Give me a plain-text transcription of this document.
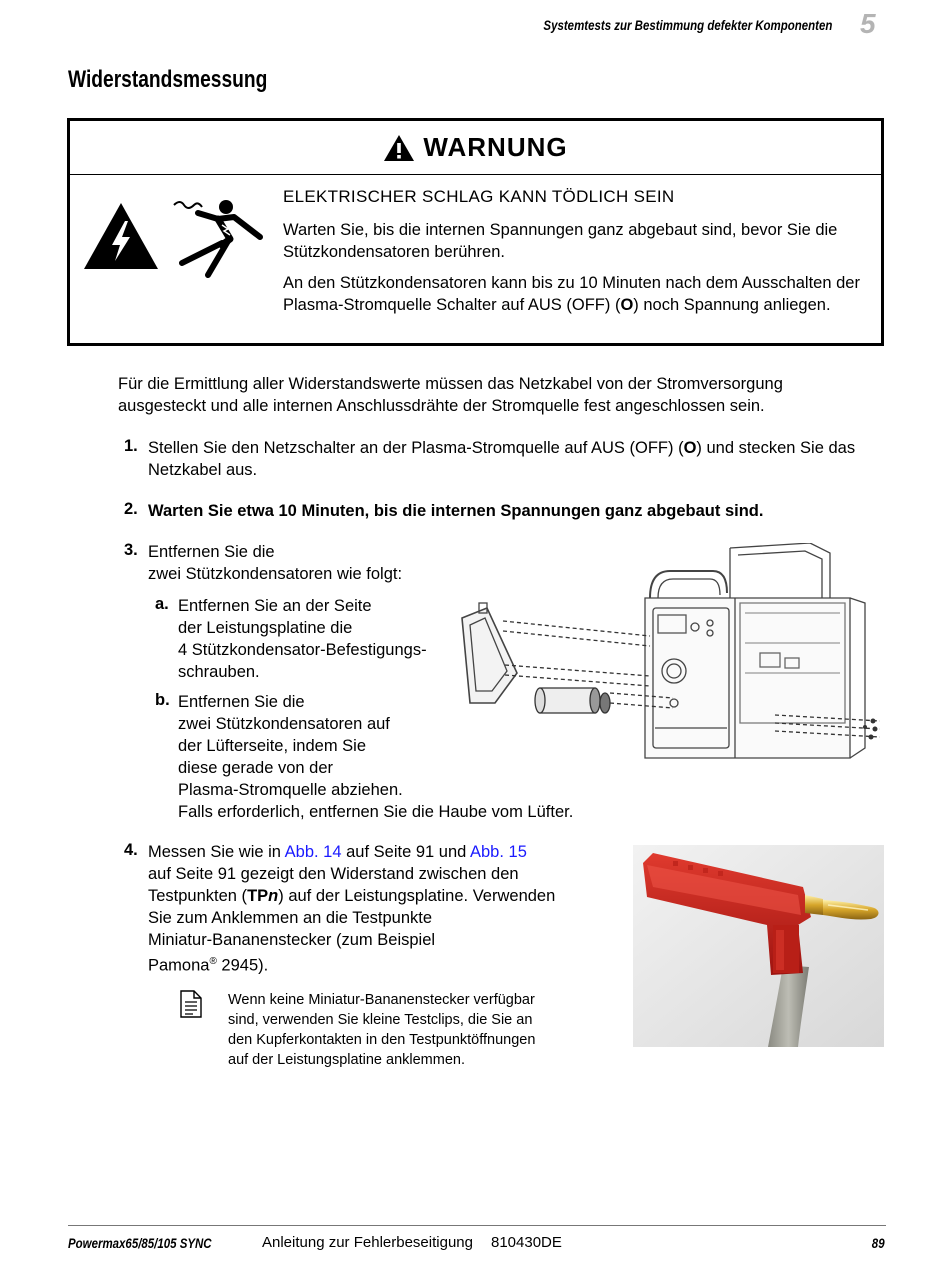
Systemtests zur Bestimmung defekter Komponenten 5
Widerstandsmessung
WARNUNG
ELEKTRISCHER SCHLAG KANN TÖDLICH SEIN
Warten Sie, bis die internen Spannungen ganz abgebaut sind, bevor Sie die Stützkondensatoren berühren.
An den Stützkondensatoren kann bis zu 10 Minuten nach dem Ausschalten der Plasma-Stromquelle Schalter auf AUS (OFF) (O) noch Spannung anliegen.
Für die Ermittlung aller Widerstandswerte müssen das Netzkabel von der Stromversorgung ausgesteckt und alle internen Anschlussdrähte der Stromquelle fest angeschlossen sein.
1. Stellen Sie den Netzschalter an der Plasma-Stromquelle auf AUS (OFF) (O) und stecken Sie das Netzkabel aus.
2. Warten Sie etwa 10 Minuten, bis die internen Spannungen ganz abgebaut sind.
3. Entfernen Sie die
zwei Stützkondensatoren wie folgt:
a. Entfernen Sie an der Seite
der Leistungsplatine die
4 Stützkondensator-Befestigungs-
schrauben.
b. Entfernen Sie die
zwei Stützkondensatoren auf
der Lüfterseite, indem Sie
diese gerade von der
Plasma-Stromquelle abziehen.
Falls erforderlich, entfernen Sie die Haube vom Lüfter.
4. Messen Sie wie in Abb. 14 auf Seite 91 und Abb. 15
auf Seite 91 gezeigt den Widerstand zwischen den
Testpunkten (TPn) auf der Leistungsplatine. Verwenden
Sie zum Anklemmen an die Testpunkte
Miniatur-Bananenstecker (zum Beispiel
Pamona® 2945).
Wenn keine Miniatur-Bananenstecker verfügbar
sind, verwenden Sie kleine Testclips, die Sie an
den Kupferkontakten in den Testpunktöffnungen
auf der Leistungsplatine anklemmen.
Powermax65/85/105 SYNC	Anleitung zur Fehlerbeseitigung 810430DE	89
